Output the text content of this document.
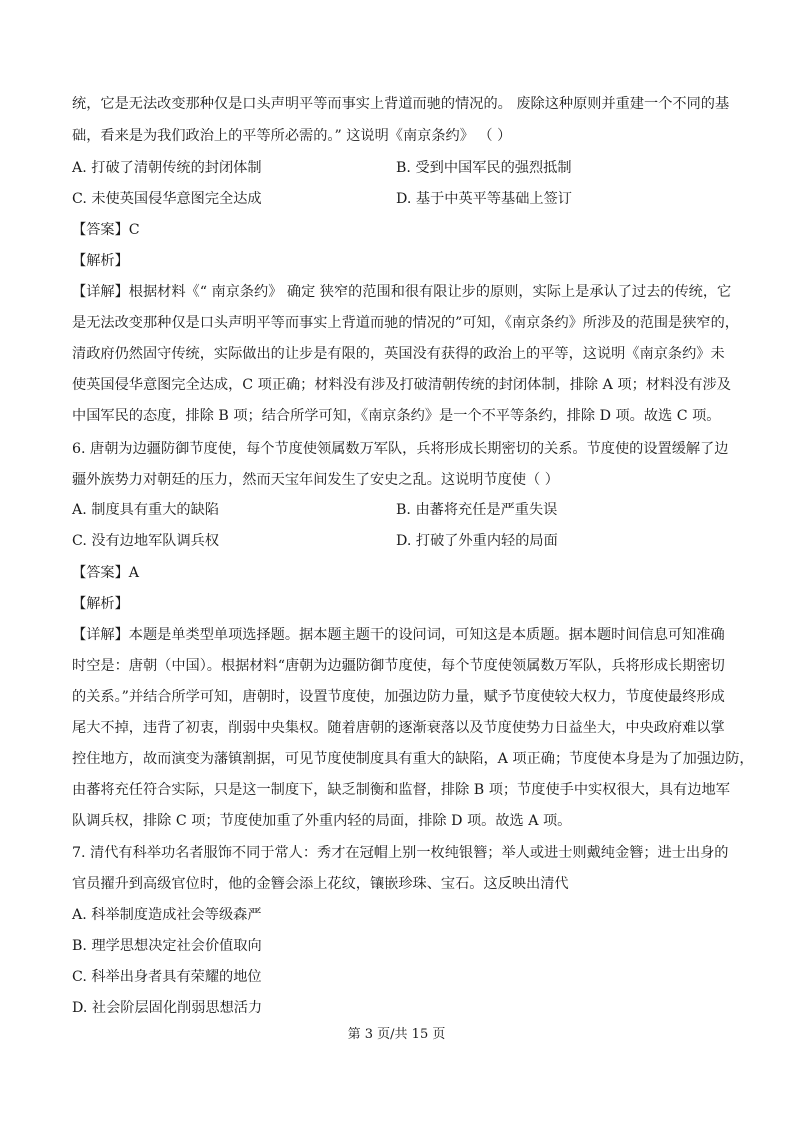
统，它是无法改变那种仅是口头声明平等而事实上背道而驰的情况的。 废除这种原则并重建一个不同的基
础，看来是为我们政治上的平等所必需的。” 这说明《南京条约》 （ ）
A. 打破了清朝传统的封闭体制	B. 受到中国军民的强烈抵制
C. 未使英国侵华意图完全达成	D. 基于中英平等基础上签订
【答案】C
【解析】
【详解】根据材料《“ 南京条约》 确定 狭窄的范围和很有限让步的原则，实际上是承认了过去的传统，它
是无法改变那种仅是口头声明平等而事实上背道而驰的情况的”可知，《南京条约》所涉及的范围是狭窄的，
清政府仍然固守传统，实际做出的让步是有限的，英国没有获得的政治上的平等，这说明《南京条约》未
使英国侵华意图完全达成，C 项正确；材料没有涉及打破清朝传统的封闭体制，排除 A 项；材料没有涉及
中国军民的态度，排除 B 项；结合所学可知，《南京条约》是一个不平等条约，排除 D 项。故选 C 项。
6. 唐朝为边疆防御节度使，每个节度使领属数万军队，兵将形成长期密切的关系。节度使的设置缓解了边
疆外族势力对朝廷的压力，然而天宝年间发生了安史之乱。这说明节度使（ ）
A. 制度具有重大的缺陷	B. 由蕃将充任是严重失误
C. 没有边地军队调兵权	D. 打破了外重内轻的局面
【答案】A
【解析】
【详解】本题是单类型单项选择题。据本题主题干的设问词，可知这是本质题。据本题时间信息可知准确
时空是：唐朝（中国）。根据材料“唐朝为边疆防御节度使，每个节度使领属数万军队，兵将形成长期密切
的关系。”并结合所学可知，唐朝时，设置节度使，加强边防力量，赋予节度使较大权力，节度使最终形成
尾大不掉，违背了初衷，削弱中央集权。随着唐朝的逐渐衰落以及节度使势力日益坐大，中央政府难以掌
控住地方，故而演变为藩镇割据，可见节度使制度具有重大的缺陷，A 项正确；节度使本身是为了加强边防，
由蕃将充任符合实际，只是这一制度下，缺乏制衡和监督，排除 B 项；节度使手中实权很大，具有边地军
队调兵权，排除 C 项；节度使加重了外重内轻的局面，排除 D 项。故选 A 项。
7. 清代有科举功名者服饰不同于常人：秀才在冠帽上别一枚纯银簪；举人或进士则戴纯金簪；进士出身的
官员擢升到高级官位时，他的金簪会添上花纹，镶嵌珍珠、宝石。这反映出清代
A. 科举制度造成社会等级森严
B. 理学思想决定社会价值取向
C. 科举出身者具有荣耀的地位
D. 社会阶层固化削弱思想活力
第 3 页/共 15 页
